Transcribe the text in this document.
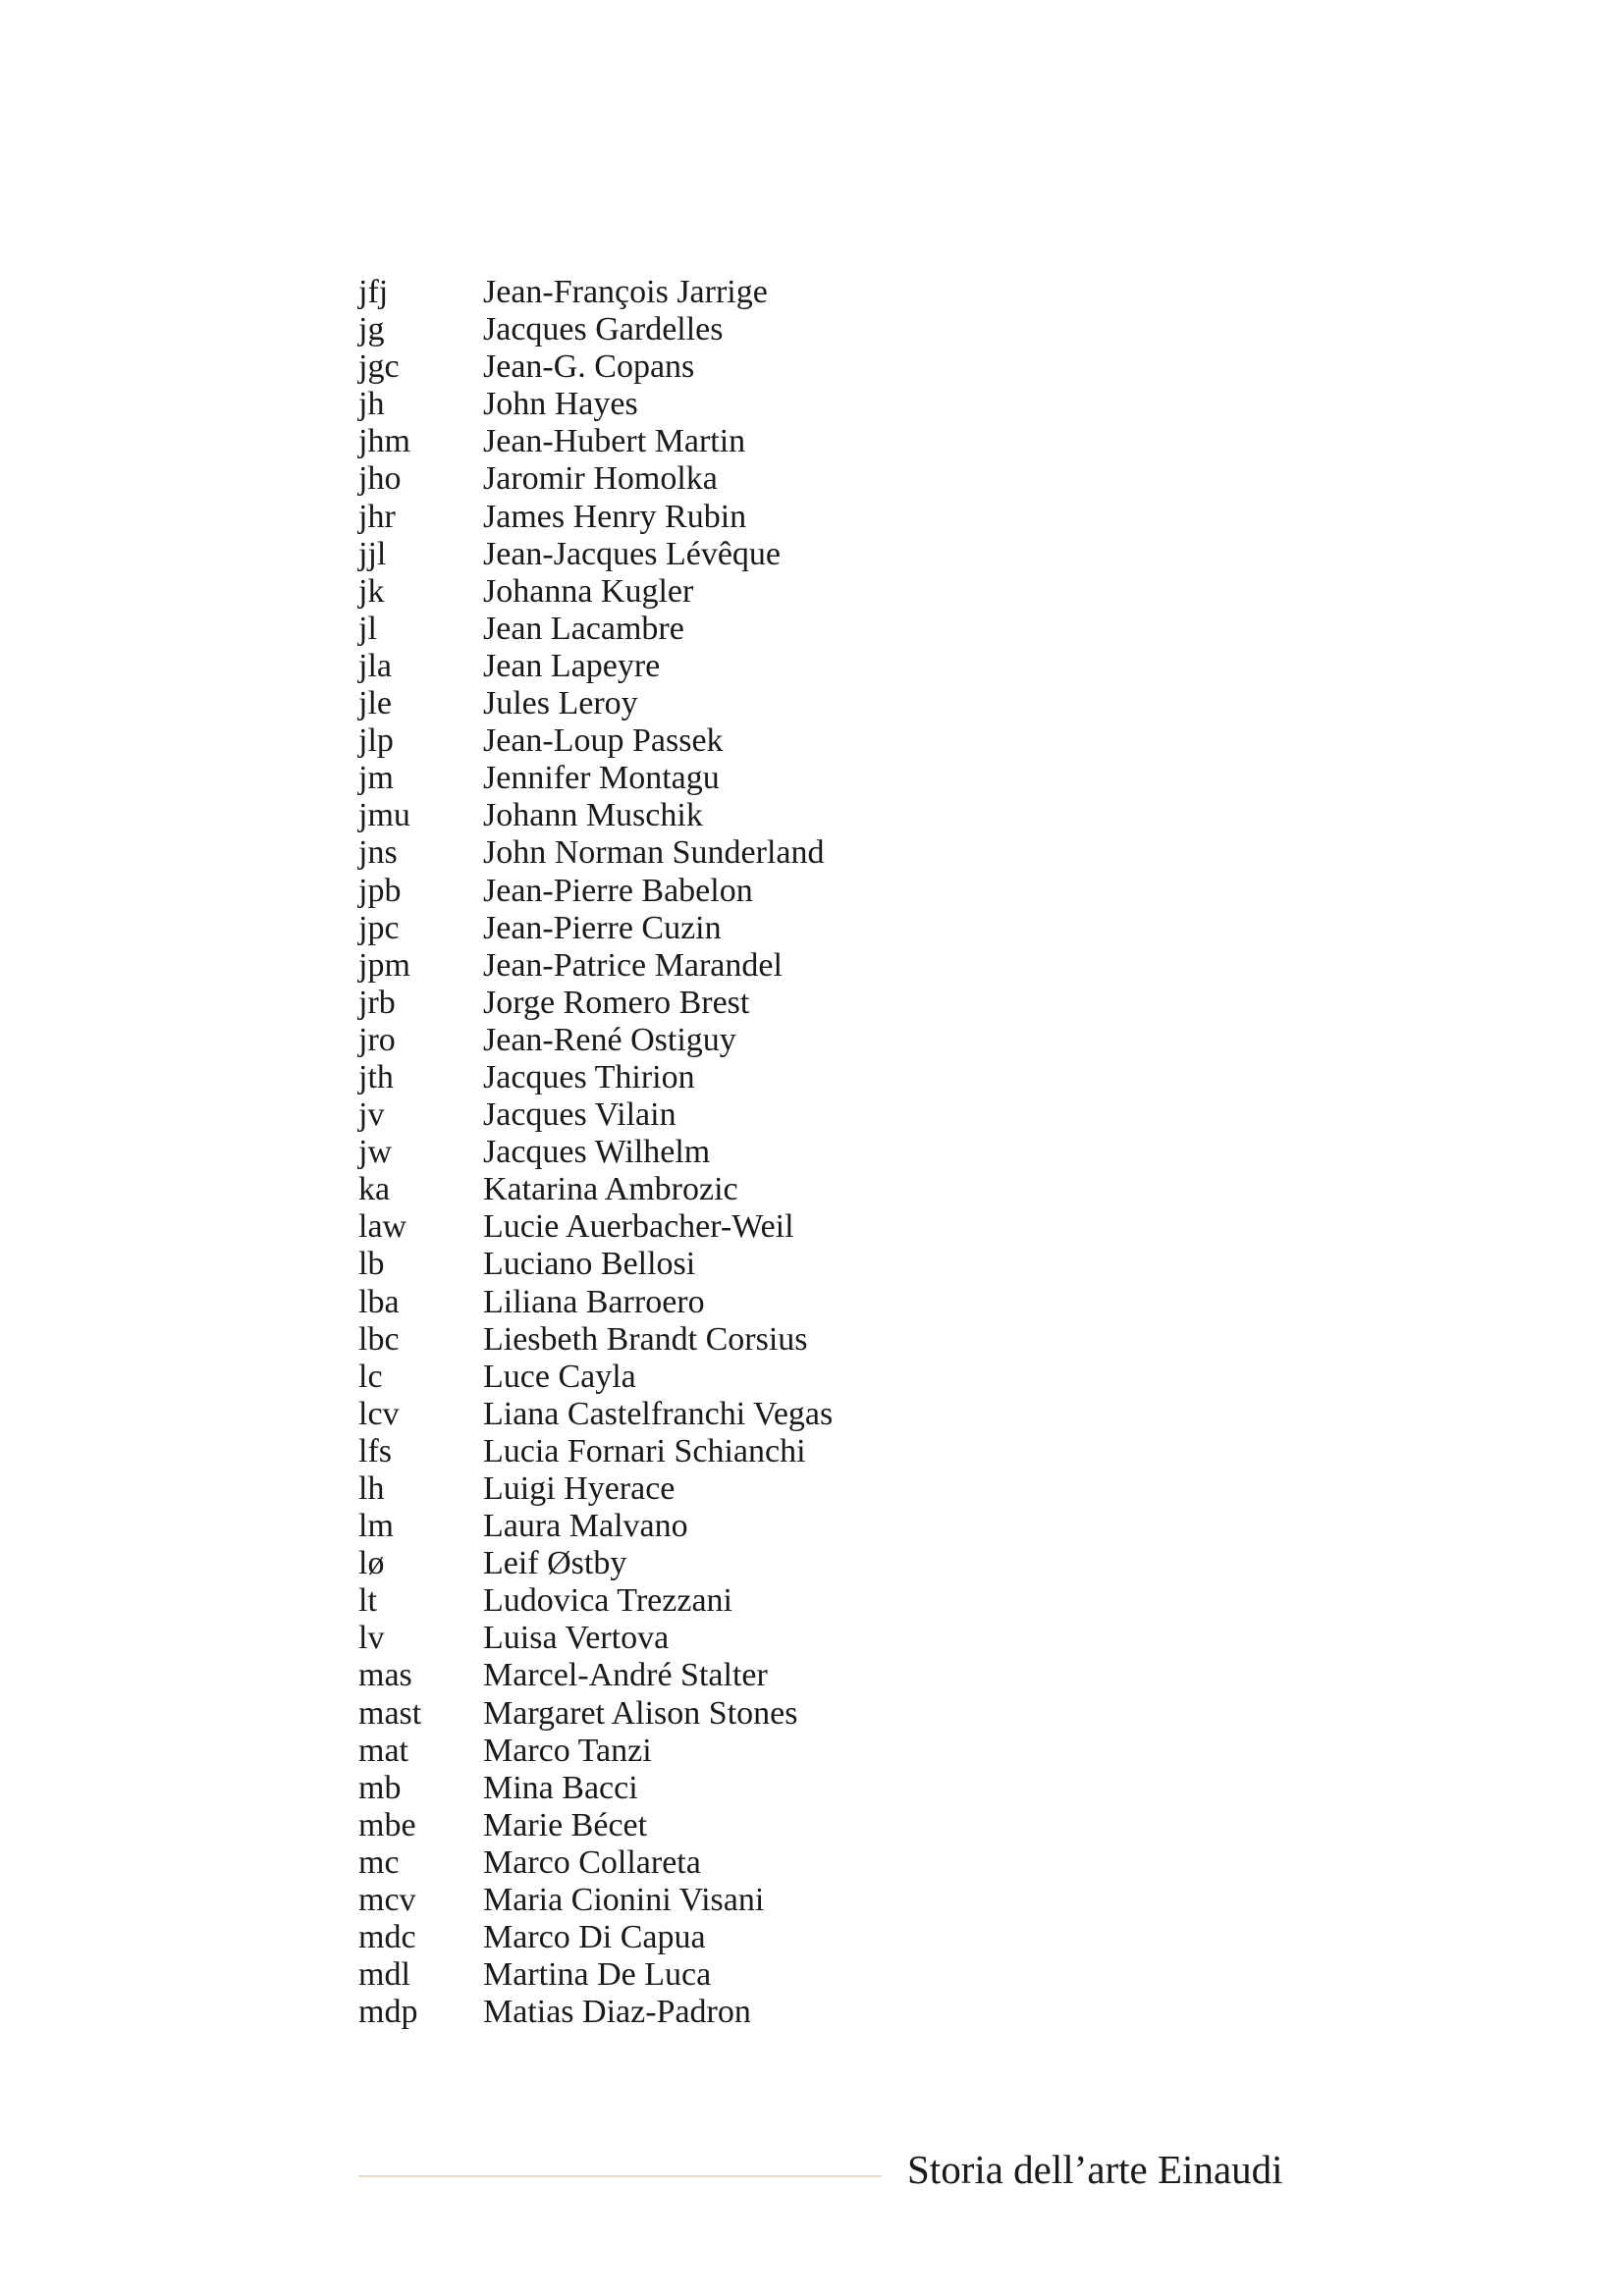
jfj	Jean-François Jarrige
jg	Jacques Gardelles
jgc	Jean-G. Copans
jh	John Hayes
jhm	Jean-Hubert Martin
jho	Jaromir Homolka
jhr	James Henry Rubin
jjl	Jean-Jacques Lévêque
jk	Johanna Kugler
jl	Jean Lacambre
jla	Jean Lapeyre
jle	Jules Leroy
jlp	Jean-Loup Passek
jm	Jennifer Montagu
jmu	Johann Muschik
jns	John Norman Sunderland
jpb	Jean-Pierre Babelon
jpc	Jean-Pierre Cuzin
jpm	Jean-Patrice Marandel
jrb	Jorge Romero Brest
jro	Jean-René Ostiguy
jth	Jacques Thirion
jv	Jacques Vilain
jw	Jacques Wilhelm
ka	Katarina Ambrozic
law	Lucie Auerbacher-Weil
lb	Luciano Bellosi
lba	Liliana Barroero
lbc	Liesbeth Brandt Corsius
lc	Luce Cayla
lcv	Liana Castelfranchi Vegas
lfs	Lucia Fornari Schianchi
lh	Luigi Hyerace
lm	Laura Malvano
lø	Leif Østby
lt	Ludovica Trezzani
lv	Luisa Vertova
mas	Marcel-André Stalter
mast	Margaret Alison Stones
mat	Marco Tanzi
mb	Mina Bacci
mbe	Marie Bécet
mc	Marco Collareta
mcv	Maria Cionini Visani
mdc	Marco Di Capua
mdl	Martina De Luca
mdp	Matias Diaz-Padron
Storia dell’arte Einaudi
